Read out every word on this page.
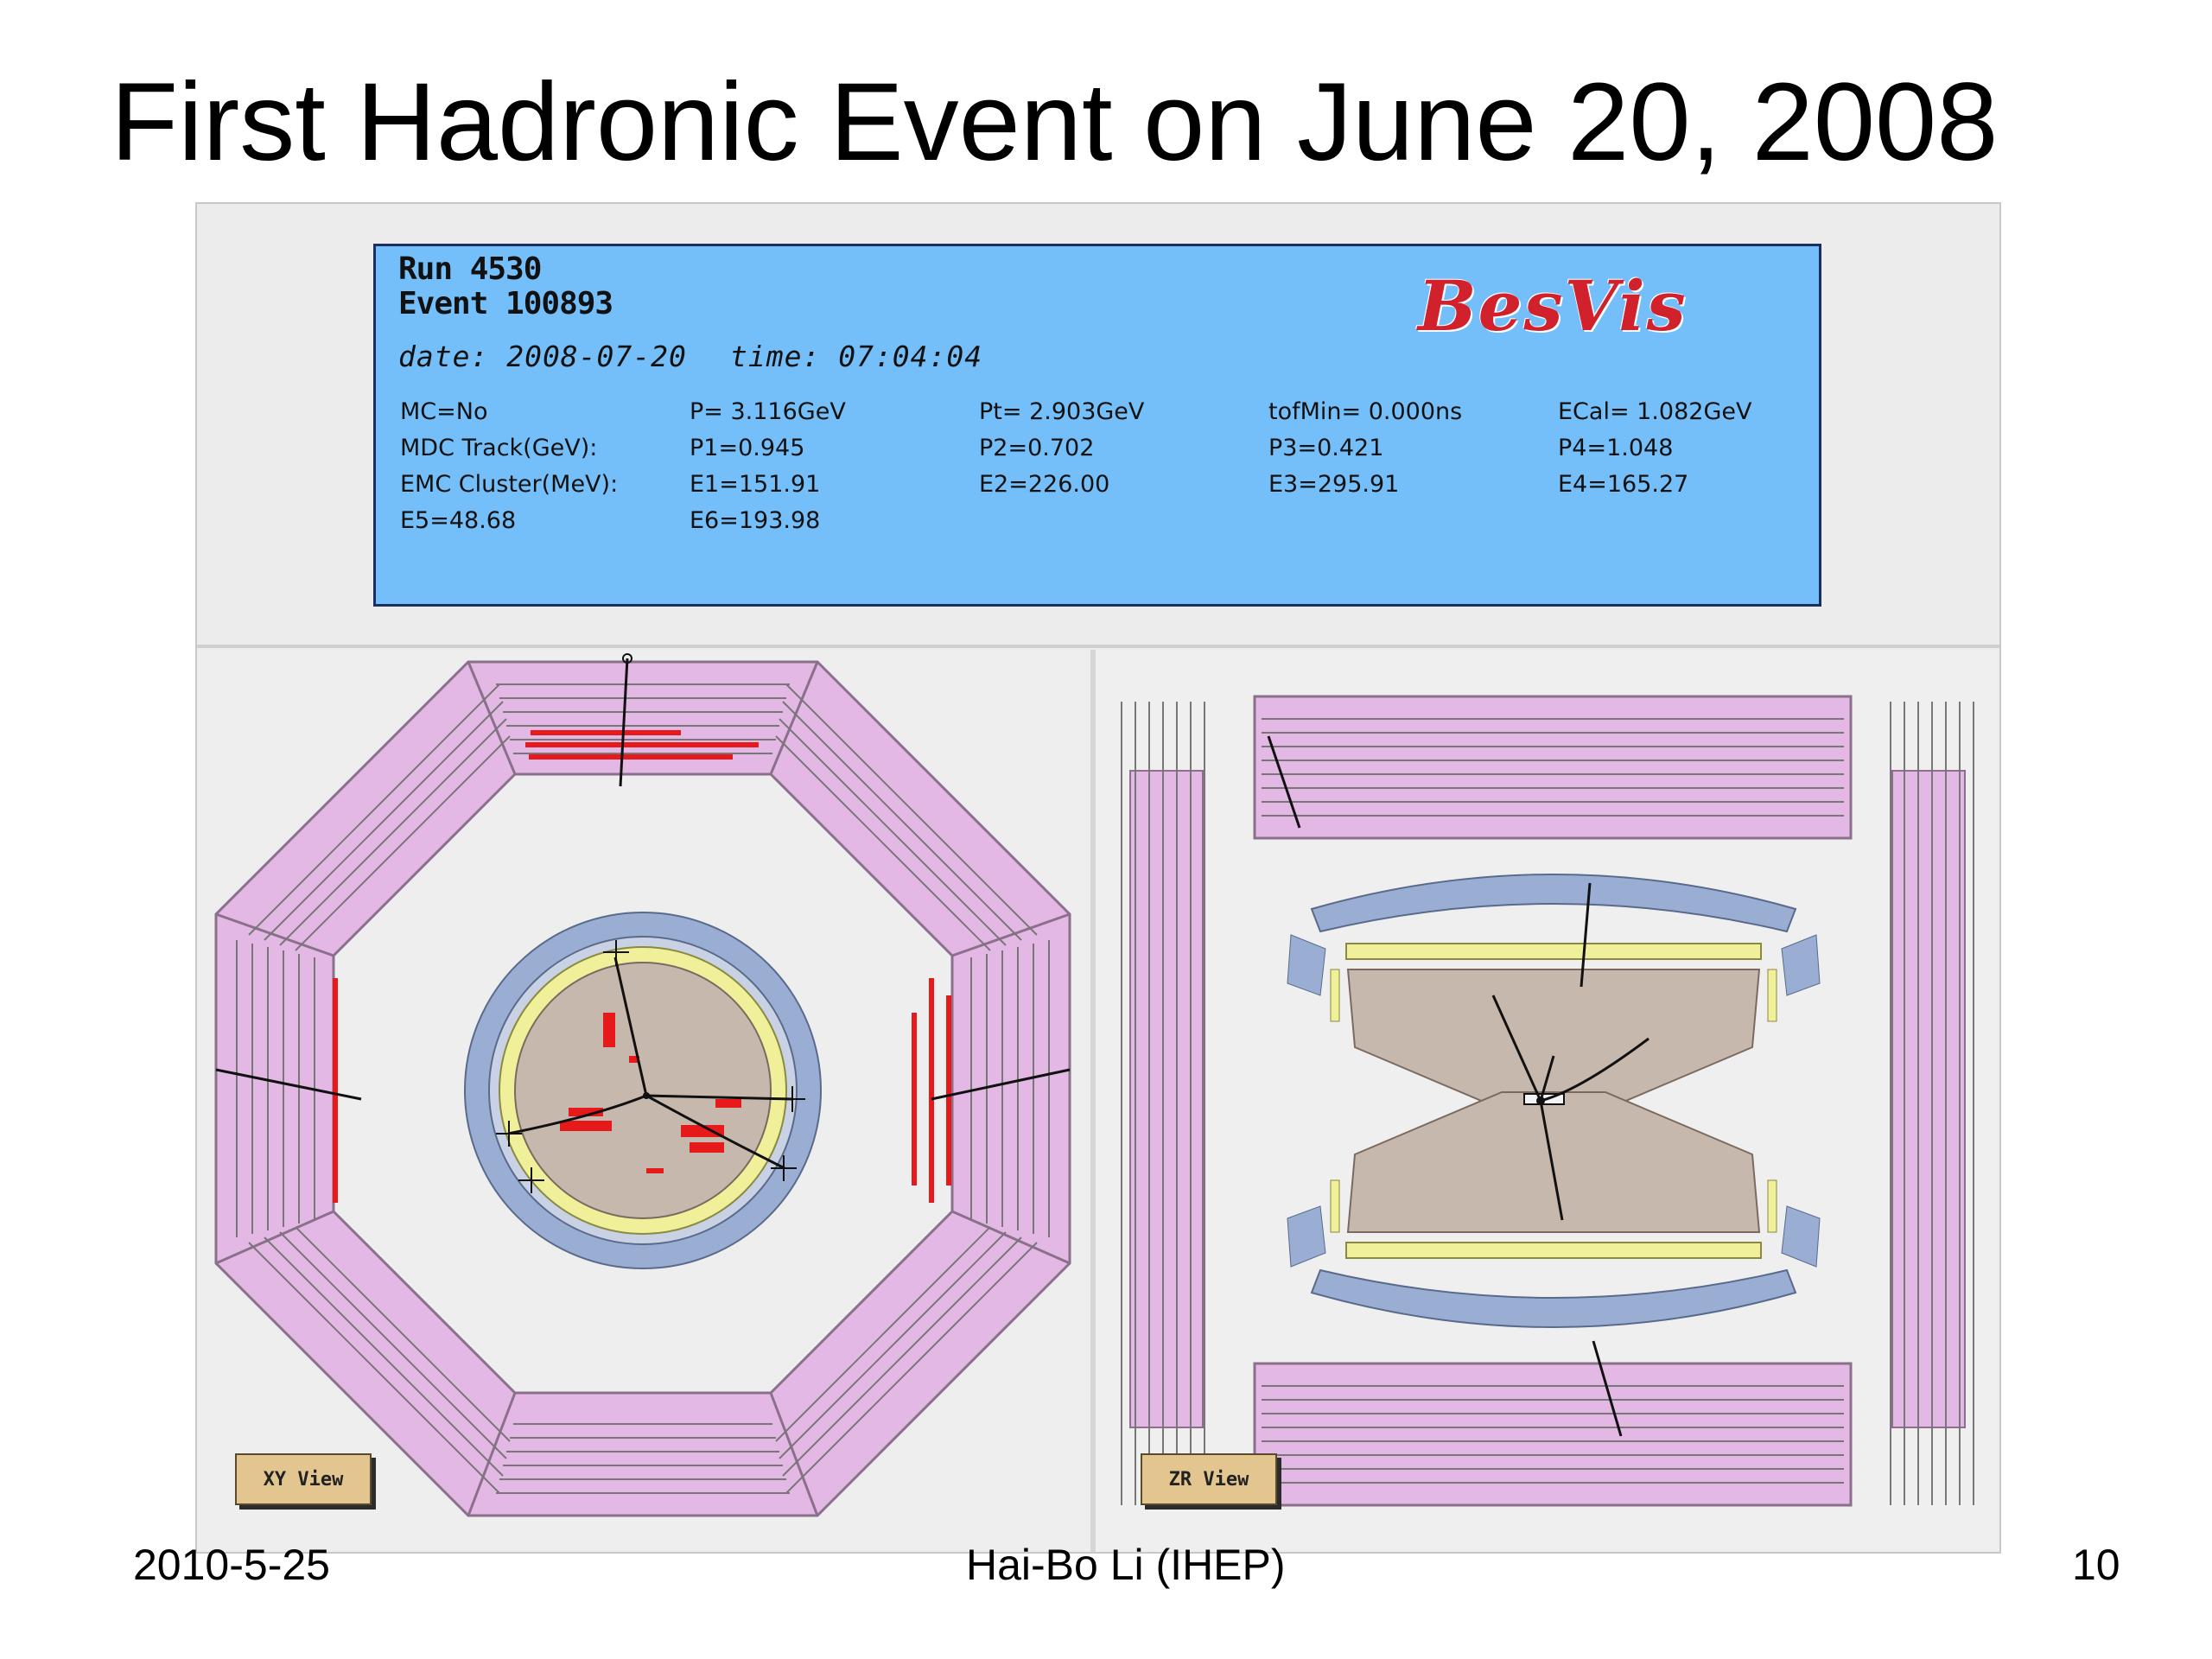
First Hadronic Event on June 20, 2008
Run 4530
Event 100893
date: 2008-07-20 time: 07:04:04
BesVis
MC=No	P= 3.116GeV	Pt= 2.903GeV	tofMin= 0.000ns	ECal= 1.082GeV
MDC Track(GeV):	P1=0.945	P2=0.702	P3=0.421	P4=1.048
EMC Cluster(MeV):	E1=151.91	E2=226.00	E3=295.91	E4=165.27
E5=48.68	E6=193.98
XY View	ZR View
2010-5-25	Hai-Bo Li (IHEP)	10
